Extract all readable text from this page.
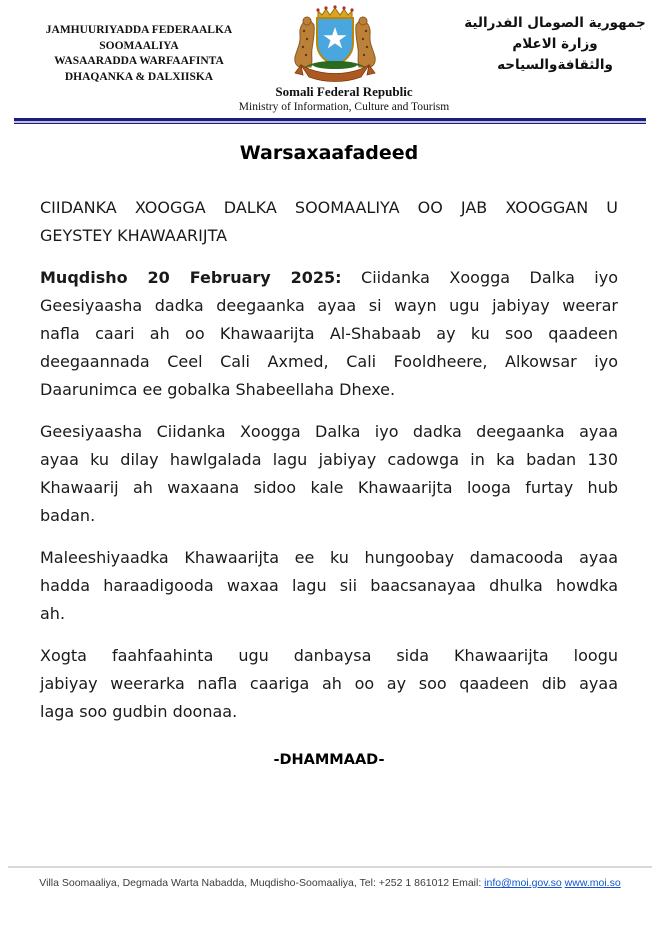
JAMHUURIYADDA FEDERAALKA
SOOMAALIYA
WASAARADDA WARFAAFINTA
DHAQANKA & DALXIISKA
Somali Federal Republic
Ministry of Information, Culture and Tourism
جمهورية الصومال الفدرالية
وزارة الاعلام
والثقافةوالسياحه
Warsaxaafadeed
CIIDANKA XOOGGA DALKA SOOMAALIYA OO JAB XOOGGAN U
GEYSTEY KHAWAARIJTA
Muqdisho 20 February 2025: Ciidanka Xoogga Dalka iyo
Geesiyaasha dadka deegaanka ayaa si wayn ugu jabiyay weerar
nafla caari ah oo Khawaarijta Al-Shabaab ay ku soo qaadeen
deegaannada Ceel Cali Axmed, Cali Fooldheere, Alkowsar iyo
Daarunimca ee gobalka Shabeellaha Dhexe.
Geesiyaasha Ciidanka Xoogga Dalka iyo dadka deegaanka ayaa
ayaa ku dilay hawlgalada lagu jabiyay cadowga in ka badan 130
Khawaarij ah waxaana sidoo kale Khawaarijta looga furtay hub
badan.
Maleeshiyaadka Khawaarijta ee ku hungoobay damacooda ayaa
hadda haraadigooda waxaa lagu sii baacsanayaa dhulka howdka
ah.
Xogta faahfaahinta ugu danbaysa sida Khawaarijta loogu
jabiyay weerarka nafla caariga ah oo ay soo qaadeen dib ayaa
laga soo gudbin doonaa.
-DHAMMAAD-
Villa Soomaaliya, Degmada Warta Nabadda, Muqdisho-Soomaaliya, Tel: +252 1 861012 Email: info@moi.gov.so www.moi.so
